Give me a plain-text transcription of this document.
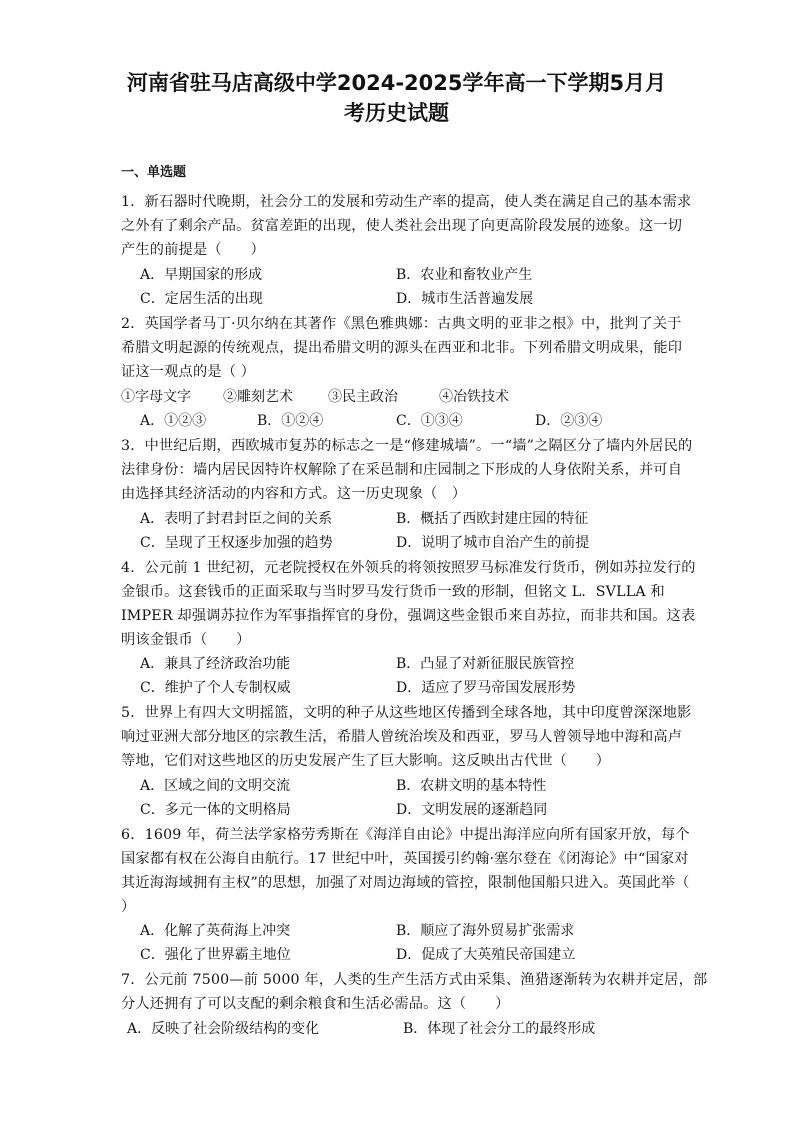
河南省驻马店高级中学2024-2025学年高一下学期5月月
考历史试题
一、单选题
1．新石器时代晚期，社会分工的发展和劳动生产率的提高，使人类在满足自己的基本需求
之外有了剩余产品。贫富差距的出现，使人类社会出现了向更高阶段发展的迹象。这一切
产生的前提是（　　）
A．早期国家的形成	B．农业和畜牧业产生
C．定居生活的出现	D．城市生活普遍发展
2．英国学者马丁·贝尔纳在其著作《黑色雅典娜：古典文明的亚非之根》中，批判了关于
希腊文明起源的传统观点，提出希腊文明的源头在西亚和北非。下列希腊文明成果，能印
证这一观点的是（ ）
①字母文字 ②雕刻艺术	③民主政治	④冶铁技术
A．①②③	B．①②④	C．①③④	D．②③④
3．中世纪后期，西欧城市复苏的标志之一是“修建城墙”。一“墙”之隔区分了墙内外居民的
法律身份：墙内居民因特许权解除了在采邑制和庄园制之下形成的人身依附关系，并可自
由选择其经济活动的内容和方式。这一历史现象（　）
A．表明了封君封臣之间的关系	B．概括了西欧封建庄园的特征
C．呈现了王权逐步加强的趋势	D．说明了城市自治产生的前提
4．公元前 1 世纪初，元老院授权在外领兵的将领按照罗马标准发行货币，例如苏拉发行的
金银币。这套钱币的正面采取与当时罗马发行货币一致的形制，但铭文 L．SVLLA 和
IMPER 却强调苏拉作为军事指挥官的身份，强调这些金银币来自苏拉，而非共和国。这表
明该金银币（　　）
A．兼具了经济政治功能	B．凸显了对新征服民族管控
C．维护了个人专制权威	D．适应了罗马帝国发展形势
5．世界上有四大文明摇篮，文明的种子从这些地区传播到全球各地，其中印度曾深深地影
响过亚洲大部分地区的宗教生活，希腊人曾统治埃及和西亚，罗马人曾领导地中海和高卢
等地，它们对这些地区的历史发展产生了巨大影响。这反映出古代世（　　）
A．区域之间的文明交流	B．农耕文明的基本特性
C．多元一体的文明格局	D．文明发展的逐渐趋同
6．1609 年，荷兰法学家格劳秀斯在《海洋自由论》中提出海洋应向所有国家开放，每个
国家都有权在公海自由航行。17 世纪中叶，英国援引约翰·塞尔登在《闭海论》中“国家对
其近海海域拥有主权”的思想，加强了对周边海域的管控，限制他国船只进入。英国此举（
）
A．化解了英荷海上冲突	B．顺应了海外贸易扩张需求
C．强化了世界霸主地位	D．促成了大英殖民帝国建立
7．公元前 7500—前 5000 年，人类的生产生活方式由采集、渔猎逐渐转为农耕并定居，部
分人还拥有了可以支配的剩余粮食和生活必需品。这（　　）
A．反映了社会阶级结构的变化	B．体现了社会分工的最终形成
